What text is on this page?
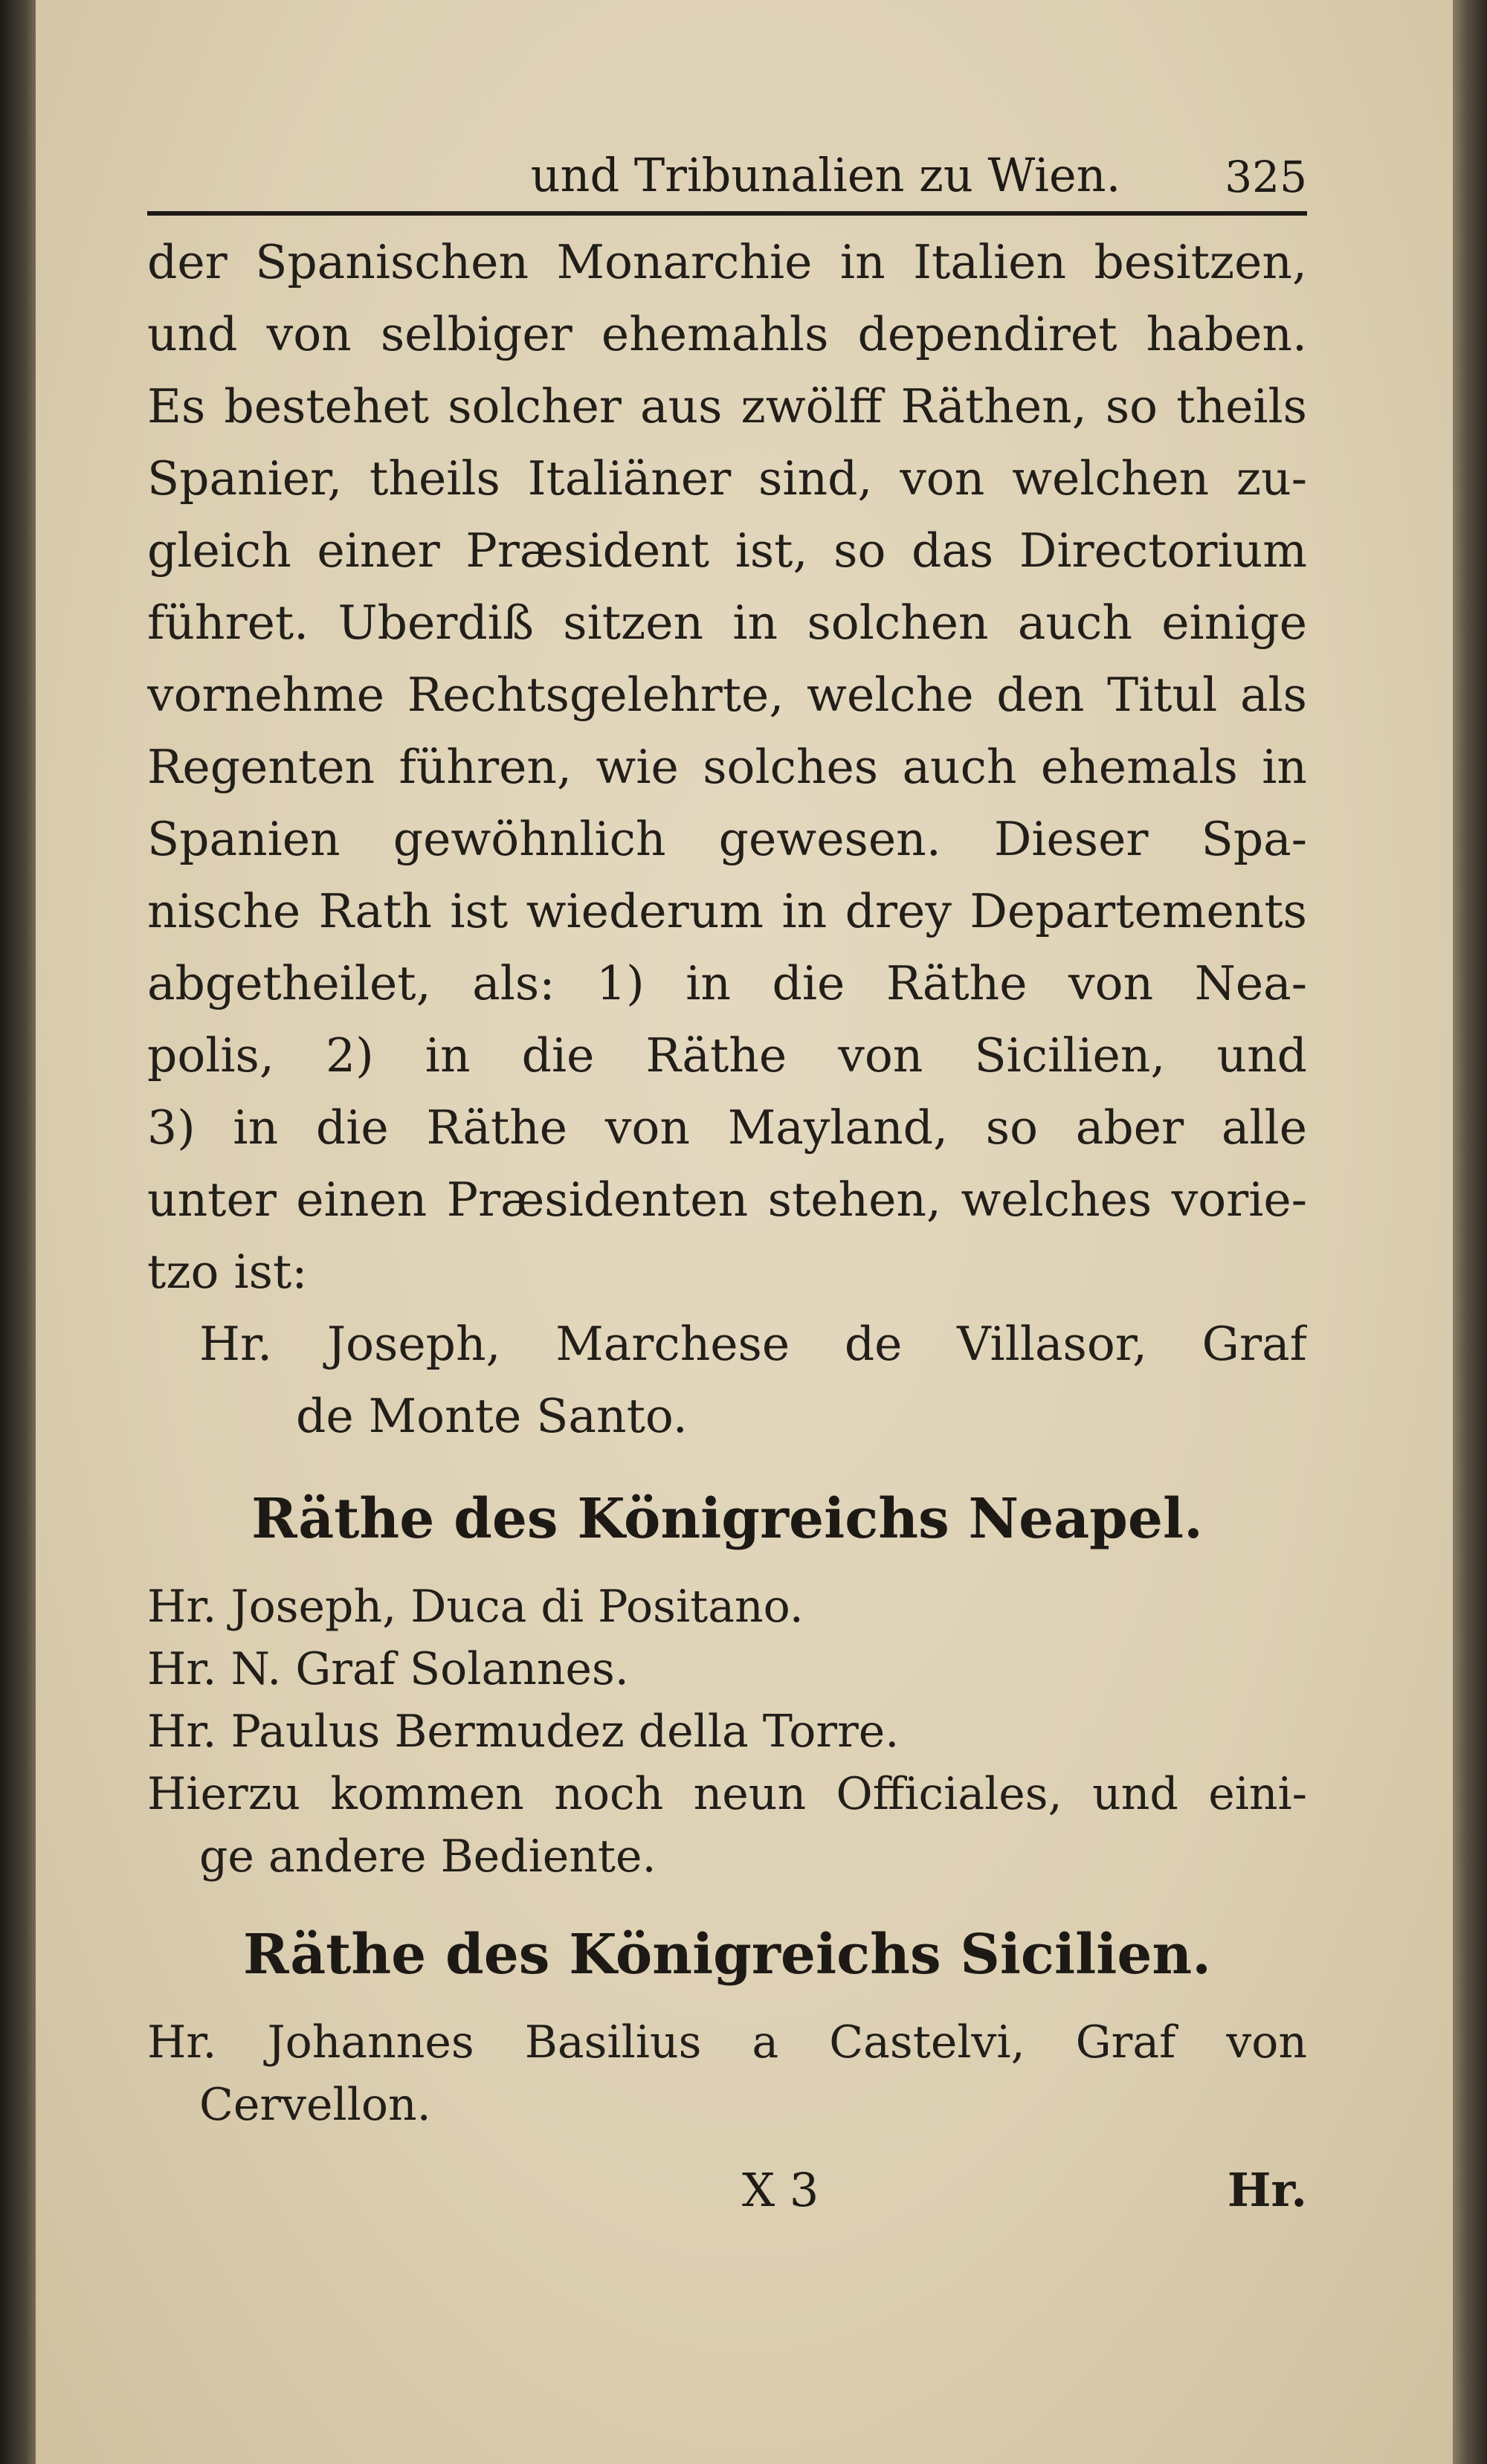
und Tribunalien zu Wien. 325
der Spanischen Monarchie in Italien besitzen,
und von selbiger ehemahls dependiret haben.
Es bestehet solcher aus zwölff Räthen, so theils
Spanier, theils Italiäner sind, von welchen zu-
gleich einer Præsident ist, so das Directorium
führet. Uberdiß sitzen in solchen auch einige
vornehme Rechtsgelehrte, welche den Titul als
Regenten führen, wie solches auch ehemals in
Spanien gewöhnlich gewesen. Dieser Spa-
nische Rath ist wiederum in drey Departements
abgetheilet, als: 1) in die Räthe von Nea-
polis, 2) in die Räthe von Sicilien, und
3) in die Räthe von Mayland, so aber alle
unter einen Præsidenten stehen, welches vorie-
tzo ist:
Hr. Joseph, Marchese de Villasor, Graf
de Monte Santo.
Räthe des Königreichs Neapel.
Hr. Joseph, Duca di Positano.
Hr. N. Graf Solannes.
Hr. Paulus Bermudez della Torre.
Hierzu kommen noch neun Officiales, und eini-
ge andere Bediente.
Räthe des Königreichs Sicilien.
Hr. Johannes Basilius a Castelvi, Graf von
Cervellon.
X 3	Hr.
